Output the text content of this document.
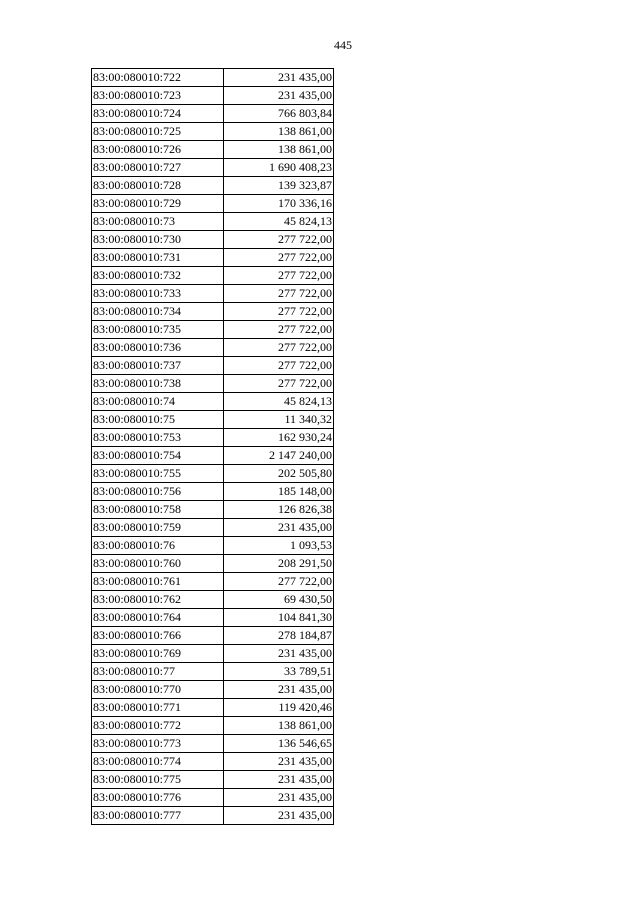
445
83:00:080010:722	231 435,00
83:00:080010:723	231 435,00
83:00:080010:724	766 803,84
83:00:080010:725	138 861,00
83:00:080010:726	138 861,00
83:00:080010:727	1 690 408,23
83:00:080010:728	139 323,87
83:00:080010:729	170 336,16
83:00:080010:73	45 824,13
83:00:080010:730	277 722,00
83:00:080010:731	277 722,00
83:00:080010:732	277 722,00
83:00:080010:733	277 722,00
83:00:080010:734	277 722,00
83:00:080010:735	277 722,00
83:00:080010:736	277 722,00
83:00:080010:737	277 722,00
83:00:080010:738	277 722,00
83:00:080010:74	45 824,13
83:00:080010:75	11 340,32
83:00:080010:753	162 930,24
83:00:080010:754	2 147 240,00
83:00:080010:755	202 505,80
83:00:080010:756	185 148,00
83:00:080010:758	126 826,38
83:00:080010:759	231 435,00
83:00:080010:76	1 093,53
83:00:080010:760	208 291,50
83:00:080010:761	277 722,00
83:00:080010:762	69 430,50
83:00:080010:764	104 841,30
83:00:080010:766	278 184,87
83:00:080010:769	231 435,00
83:00:080010:77	33 789,51
83:00:080010:770	231 435,00
83:00:080010:771	119 420,46
83:00:080010:772	138 861,00
83:00:080010:773	136 546,65
83:00:080010:774	231 435,00
83:00:080010:775	231 435,00
83:00:080010:776	231 435,00
83:00:080010:777	231 435,00
